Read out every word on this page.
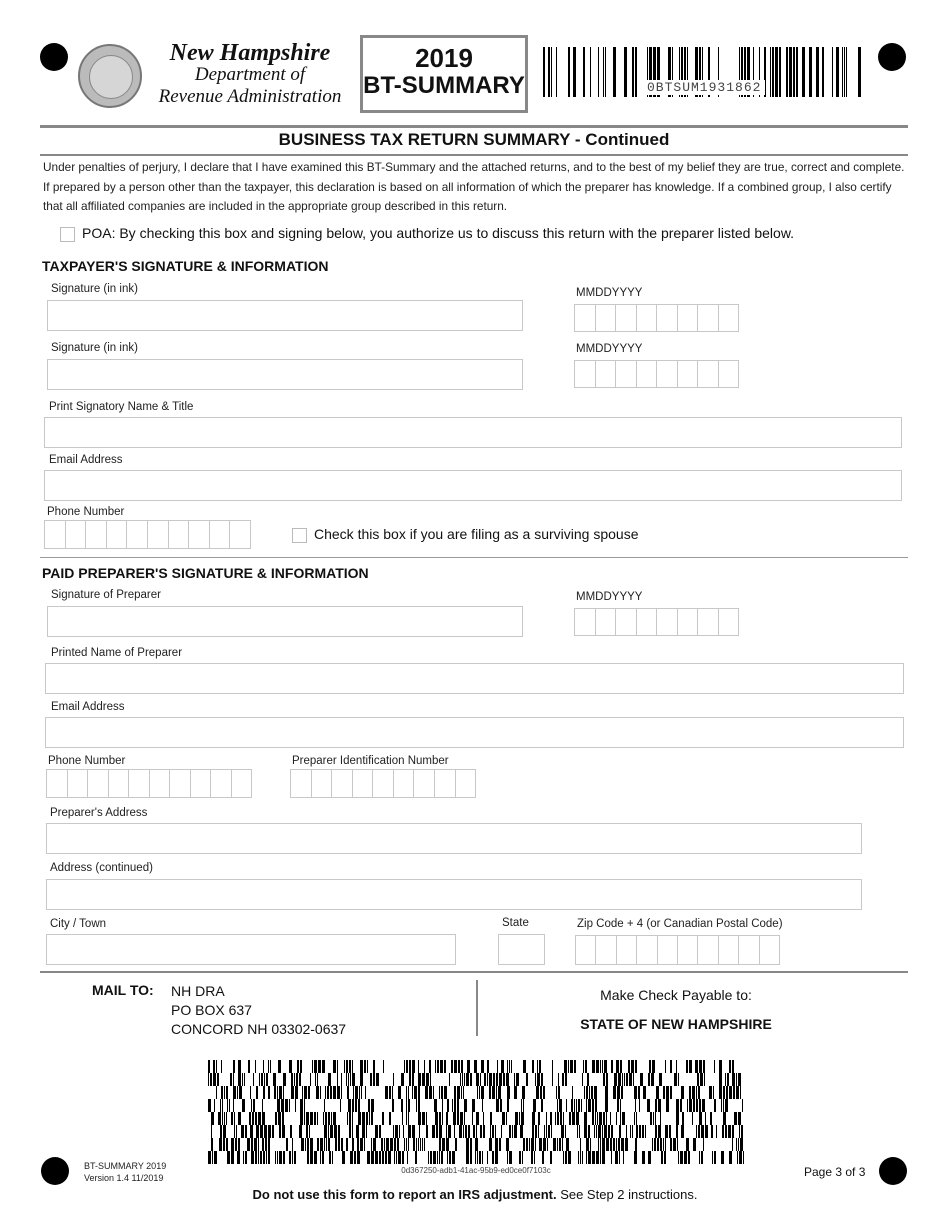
New Hampshire
Department of
Revenue Administration
2019
BT-SUMMARY	0BTSUM1931862
BUSINESS TAX RETURN SUMMARY - Continued
Under penalties of perjury, I declare that I have examined this BT-Summary and the attached returns, and to the best of my belief they are true, correct and complete. If prepared by a person other than the taxpayer, this declaration is based on all information of which the preparer has knowledge. If a combined group, I also certify that all affiliated companies are included in the appropriate group described in this return.
POA: By checking this box and signing below, you authorize us to discuss this return with the preparer listed below.
TAXPAYER'S SIGNATURE & INFORMATION
Signature (in ink)	MMDDYYYY
Signature (in ink)	MMDDYYYY
Print Signatory Name & Title
Email Address
Phone Number
Check this box if you are filing as a surviving spouse
PAID PREPARER'S SIGNATURE & INFORMATION
Signature of Preparer	MMDDYYYY
Printed Name of Preparer
Email Address
Phone Number	Preparer Identification Number
Preparer's Address
Address (continued)
City / Town	State	Zip Code + 4 (or Canadian Postal Code)
MAIL TO: NH DRA
PO BOX 637
CONCORD NH 03302-0637
Make Check Payable to:
STATE OF NEW HAMPSHIRE
0d367250-adb1-41ac-95b9-ed0ce0f7103c
BT-SUMMARY 2019
Version 1.4 11/2019	Page 3 of 3
Do not use this form to report an IRS adjustment. See Step 2 instructions.
